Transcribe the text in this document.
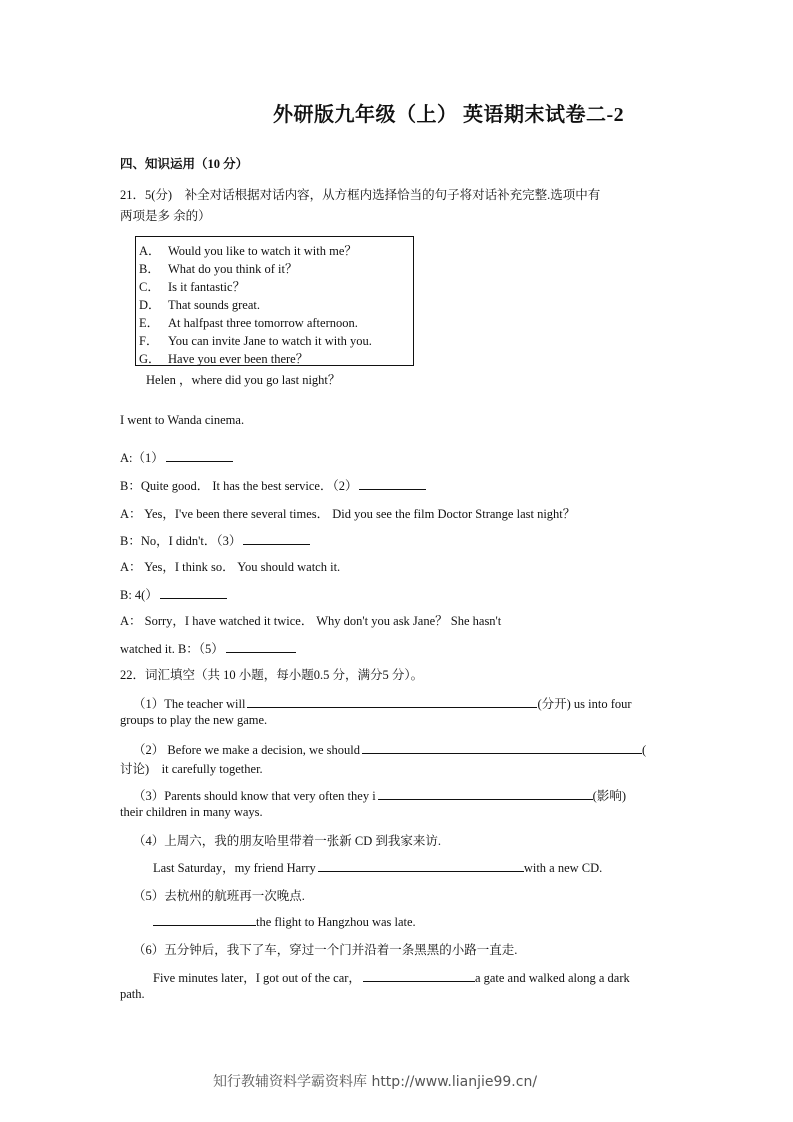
外研版九年级（上） 英语期末试卷二-2
四、知识运用（10 分）
21．5(分)　补全对话根据对话内容，从方框内选择恰当的句子将对话补充完整.选项中有
两项是多 余的）
A． Would you like to watch it with me？
B． What do you think of it？
C． Is it fantastic？
D． That sounds great.
E． At halfpast three tomorrow afternoon.
F． You can invite Jane to watch it with you.
G． Have you ever been there？
Helen ，where did you go last night？
I went to Wanda cinema.
A:（1）
B：Quite good． It has the best service．（2）
A： Yes，I've been there several times． Did you see the film Doctor Strange last night？
B：No，I didn't．（3）
A： Yes，I think so． You should watch it.
B: 4(）
A： Sorry，I have watched it twice． Why don't you ask Jane？ She hasn't
watched it. B：（5）
22．词汇填空（共 10 小题，每小题0.5 分，满分5 分）。
（1）The teacher will	(分开) us into four
groups to play the new game.
（2） Before we make a decision, we should	(
讨论)　it carefully together.
（3）Parents should know that very often they i	(影响)
their children in many ways.
（4）上周六，我的朋友哈里带着一张新 CD 到我家来访.
Last Saturday，my friend Harry	with a new CD.
（5）去杭州的航班再一次晚点.
the flight to Hangzhou was late.
（6）五分钟后，我下了车，穿过一个门并沿着一条黑黑的小路一直走.
Five minutes later，I got out of the car，	a gate and walked along a dark
path.
知行教辅资料学霸资料库 http://www.lianjie99.cn/
